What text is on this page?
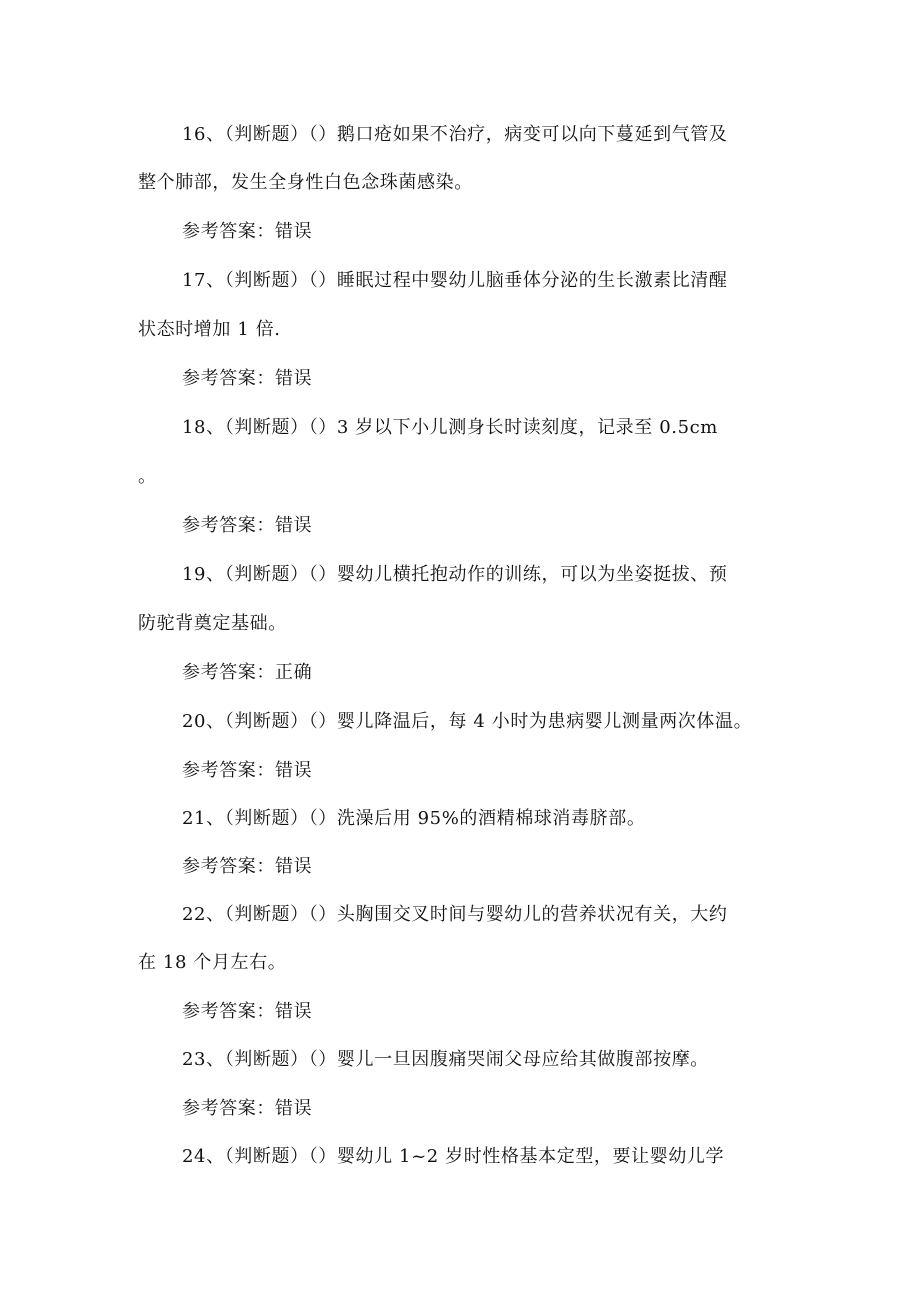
16、（判断题）（）鹅口疮如果不治疗，病变可以向下蔓延到气管及
整个肺部，发生全身性白色念珠菌感染。
参考答案：错误
17、（判断题）（）睡眠过程中婴幼儿脑垂体分泌的生长激素比清醒
状态时增加 1 倍.
参考答案：错误
18、（判断题）（）3 岁以下小儿测身长时读刻度，记录至 0.5cm
。
参考答案：错误
19、（判断题）（）婴幼儿横托抱动作的训练，可以为坐姿挺拔、预
防驼背奠定基础。
参考答案：正确
20、（判断题）（）婴儿降温后，每 4 小时为患病婴儿测量两次体温。
参考答案：错误
21、（判断题）（）洗澡后用 95%的酒精棉球消毒脐部。
参考答案：错误
22、（判断题）（）头胸围交叉时间与婴幼儿的营养状况有关，大约
在 18 个月左右。
参考答案：错误
23、（判断题）（）婴儿一旦因腹痛哭闹父母应给其做腹部按摩。
参考答案：错误
24、（判断题）（）婴幼儿 1~2 岁时性格基本定型，要让婴幼儿学
